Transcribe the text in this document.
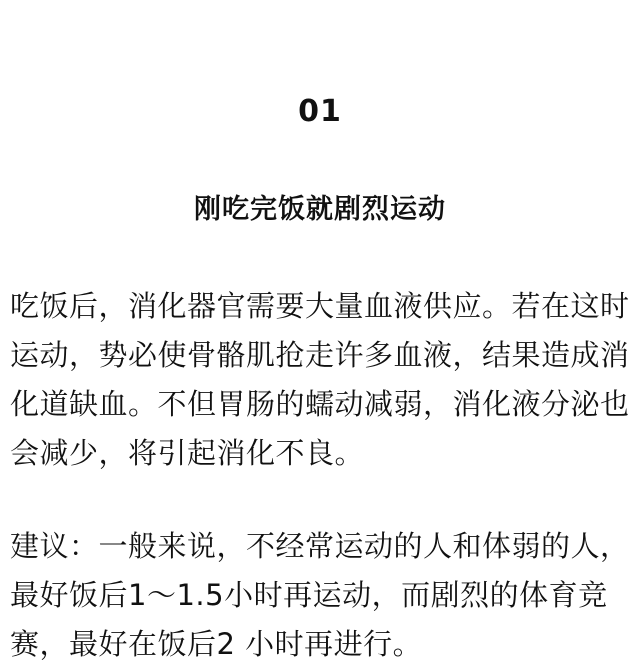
01
刚吃完饭就剧烈运动

吃饭后，消化器官需要大量血液供应。若在这时运动，势必使骨骼肌抢走许多血液，结果造成消化道缺血。不但胃肠的蠕动减弱，消化液分泌也会减少，将引起消化不良。

建议：一般来说，不经常运动的人和体弱的人，最好饭后1～1.5小时再运动，而剧烈的体育竞赛，最好在饭后2 小时再进行。
